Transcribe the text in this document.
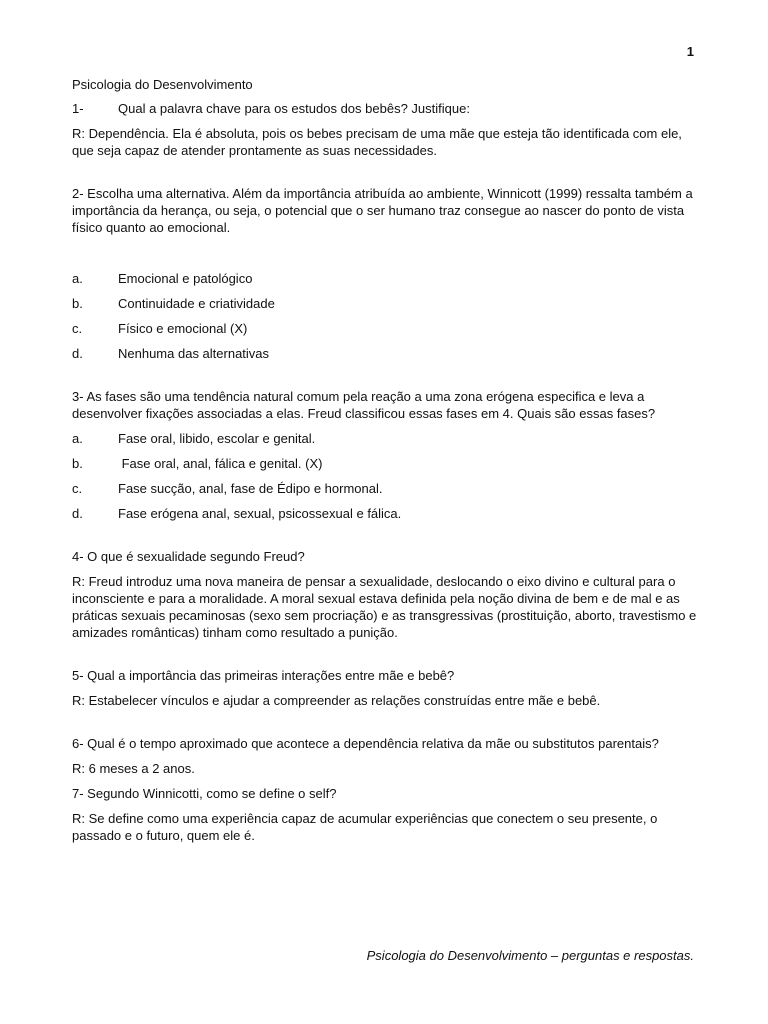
1
Psicologia do Desenvolvimento
1-	Qual a palavra chave para os estudos dos bebês? Justifique:
R: Dependência. Ela é absoluta, pois os bebes precisam de uma mãe que esteja tão identificada com ele, que seja capaz de atender prontamente as suas necessidades.
2- Escolha uma alternativa. Além da importância atribuída ao ambiente, Winnicott (1999) ressalta também a importância da herança, ou seja, o potencial que o ser humano traz consegue ao nascer do ponto de vista físico quanto ao emocional.
a.	Emocional e patológico
b.	Continuidade e criatividade
c.	Físico e emocional (X)
d.	Nenhuma das alternativas
3- As fases são uma tendência natural comum pela reação a uma zona erógena especifica e leva a desenvolver fixações associadas a elas. Freud classificou essas fases em 4. Quais são essas fases?
a.	Fase oral, libido, escolar e genital.
b.	Fase oral, anal, fálica e genital. (X)
c.	Fase sucção, anal, fase de Édipo e hormonal.
d.	Fase erógena anal, sexual, psicossexual e fálica.
4- O que é sexualidade segundo Freud?
R: Freud introduz uma nova maneira de pensar a sexualidade, deslocando o eixo divino e cultural para o inconsciente e para a moralidade. A moral sexual estava definida pela noção divina de bem e de mal e as práticas sexuais pecaminosas (sexo sem procriação) e as transgressivas (prostituição, aborto, travestismo e amizades românticas) tinham como resultado a punição.
5- Qual a importância das primeiras interações entre mãe e bebê?
R: Estabelecer vínculos e ajudar a compreender as relações construídas entre mãe e bebê.
6- Qual é o tempo aproximado que acontece a dependência relativa da mãe ou substitutos parentais?
R: 6 meses a 2 anos.
7- Segundo Winnicotti, como se define o self?
R: Se define como uma experiência capaz de acumular experiências que conectem o seu presente, o passado e o futuro, quem ele é.
Psicologia do Desenvolvimento – perguntas e respostas.
